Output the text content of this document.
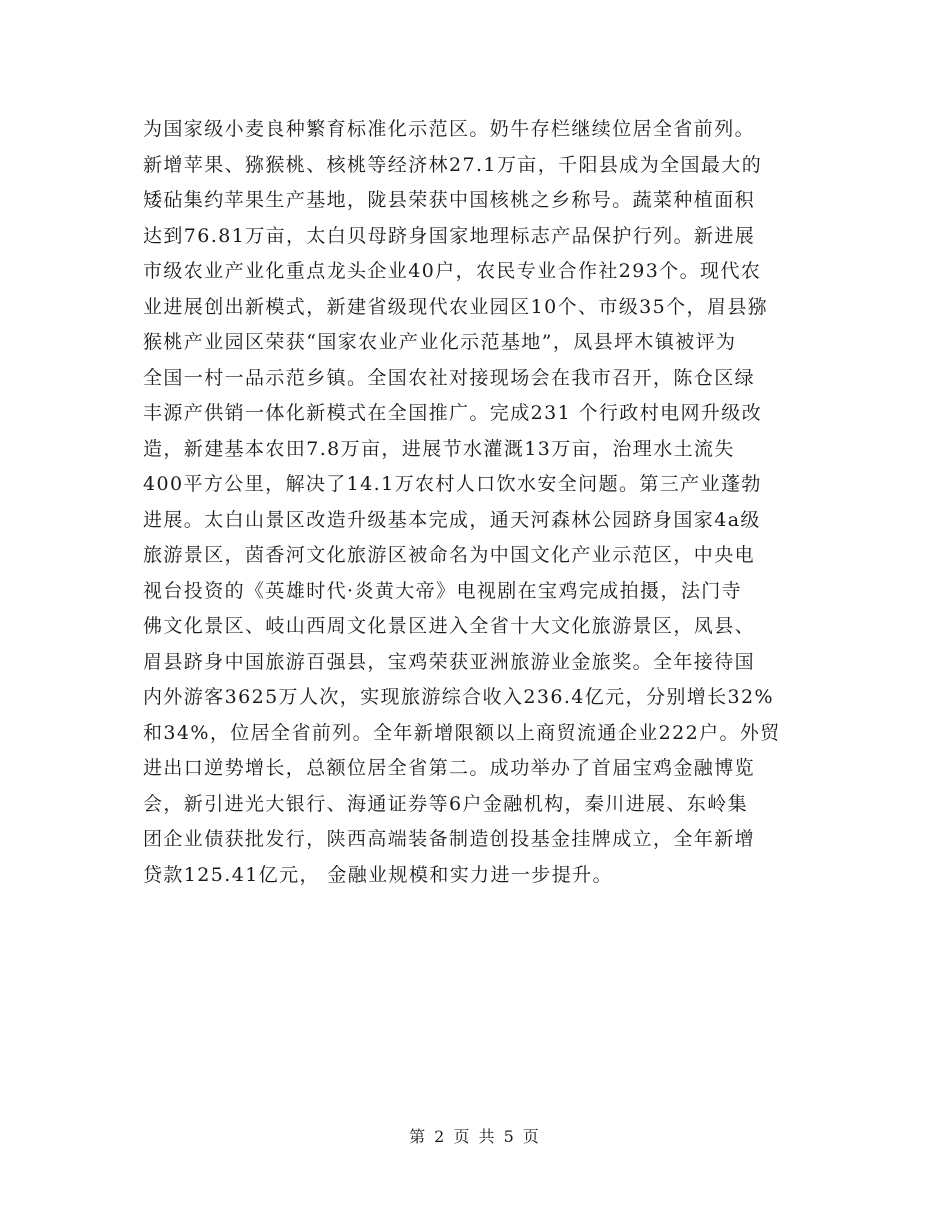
为国家级小麦良种繁育标准化示范区。奶牛存栏继续位居全省前列。
新增苹果、猕猴桃、核桃等经济林27.1万亩，千阳县成为全国最大的
矮砧集约苹果生产基地，陇县荣获中国核桃之乡称号。蔬菜种植面积
达到76.81万亩，太白贝母跻身国家地理标志产品保护行列。新进展
市级农业产业化重点龙头企业40户，农民专业合作社293个。现代农
业进展创出新模式，新建省级现代农业园区10个、市级35个，眉县猕
猴桃产业园区荣获“国家农业产业化示范基地”，凤县坪木镇被评为
全国一村一品示范乡镇。全国农社对接现场会在我市召开，陈仓区绿
丰源产供销一体化新模式在全国推广。完成231 个行政村电网升级改
造，新建基本农田7.8万亩，进展节水灌溉13万亩，治理水土流失
400平方公里，解决了14.1万农村人口饮水安全问题。第三产业蓬勃
进展。太白山景区改造升级基本完成，通天河森林公园跻身国家4a级
旅游景区，茵香河文化旅游区被命名为中国文化产业示范区，中央电
视台投资的《英雄时代·炎黄大帝》电视剧在宝鸡完成拍摄，法门寺
佛文化景区、岐山西周文化景区进入全省十大文化旅游景区，凤县、
眉县跻身中国旅游百强县，宝鸡荣获亚洲旅游业金旅奖。全年接待国
内外游客3625万人次，实现旅游综合收入236.4亿元，分别增长32%
和34%，位居全省前列。全年新增限额以上商贸流通企业222户。外贸
进出口逆势增长，总额位居全省第二。成功举办了首届宝鸡金融博览
会，新引进光大银行、海通证券等6户金融机构，秦川进展、东岭集
团企业债获批发行，陕西高端装备制造创投基金挂牌成立，全年新增
贷款125.41亿元， 金融业规模和实力进一步提升。
第 2 页 共 5 页
